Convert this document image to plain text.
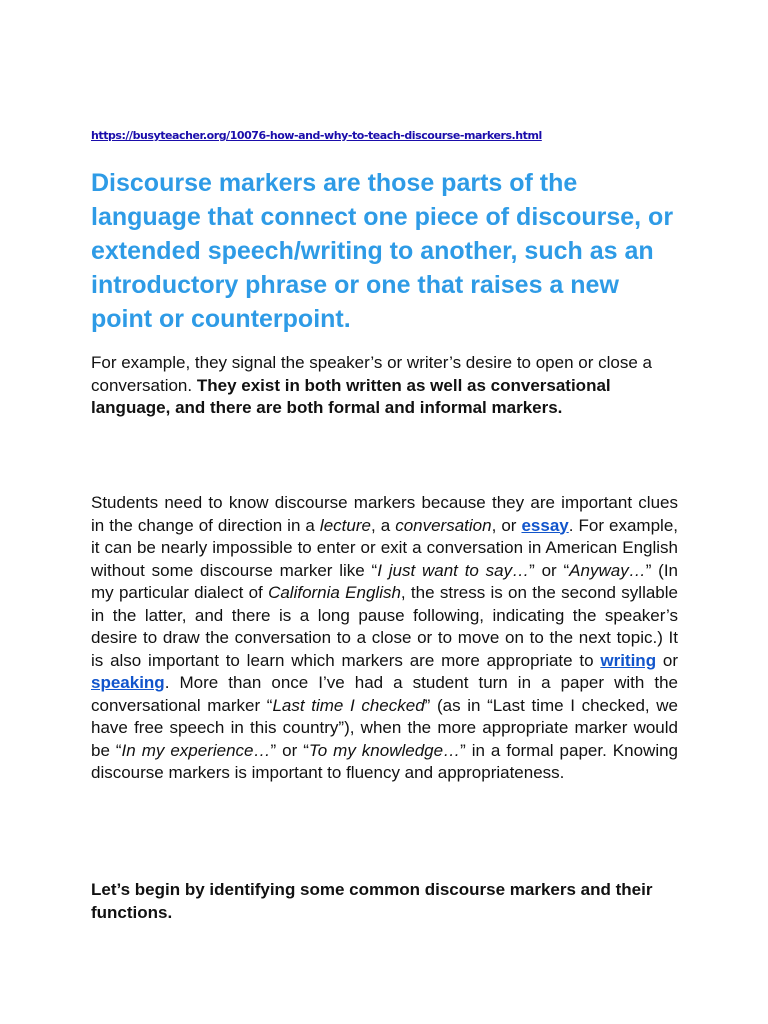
https://busyteacher.org/10076-how-and-why-to-teach-discourse-markers.html
Discourse markers are those parts of the language that connect one piece of discourse, or extended speech/writing to another, such as an introductory phrase or one that raises a new point or counterpoint.

For example, they signal the speaker’s or writer’s desire to open or close a conversation. They exist in both written as well as conversational language, and there are both formal and informal markers.

Students need to know discourse markers because they are important clues in the change of direction in a lecture, a conversation, or essay. For example, it can be nearly impossible to enter or exit a conversation in American English without some discourse marker like “I just want to say…” or “Anyway…” (In my particular dialect of California English, the stress is on the second syllable in the latter, and there is a long pause following, indicating the speaker’s desire to draw the conversation to a close or to move on to the next topic.) It is also important to learn which markers are more appropriate to writing or speaking. More than once I’ve had a student turn in a paper with the conversational marker “Last time I checked” (as in “Last time I checked, we have free speech in this country”), when the more appropriate marker would be “In my experience…” or “To my knowledge…” in a formal paper. Knowing discourse markers is important to fluency and appropriateness.

Let’s begin by identifying some common discourse markers and their functions.
